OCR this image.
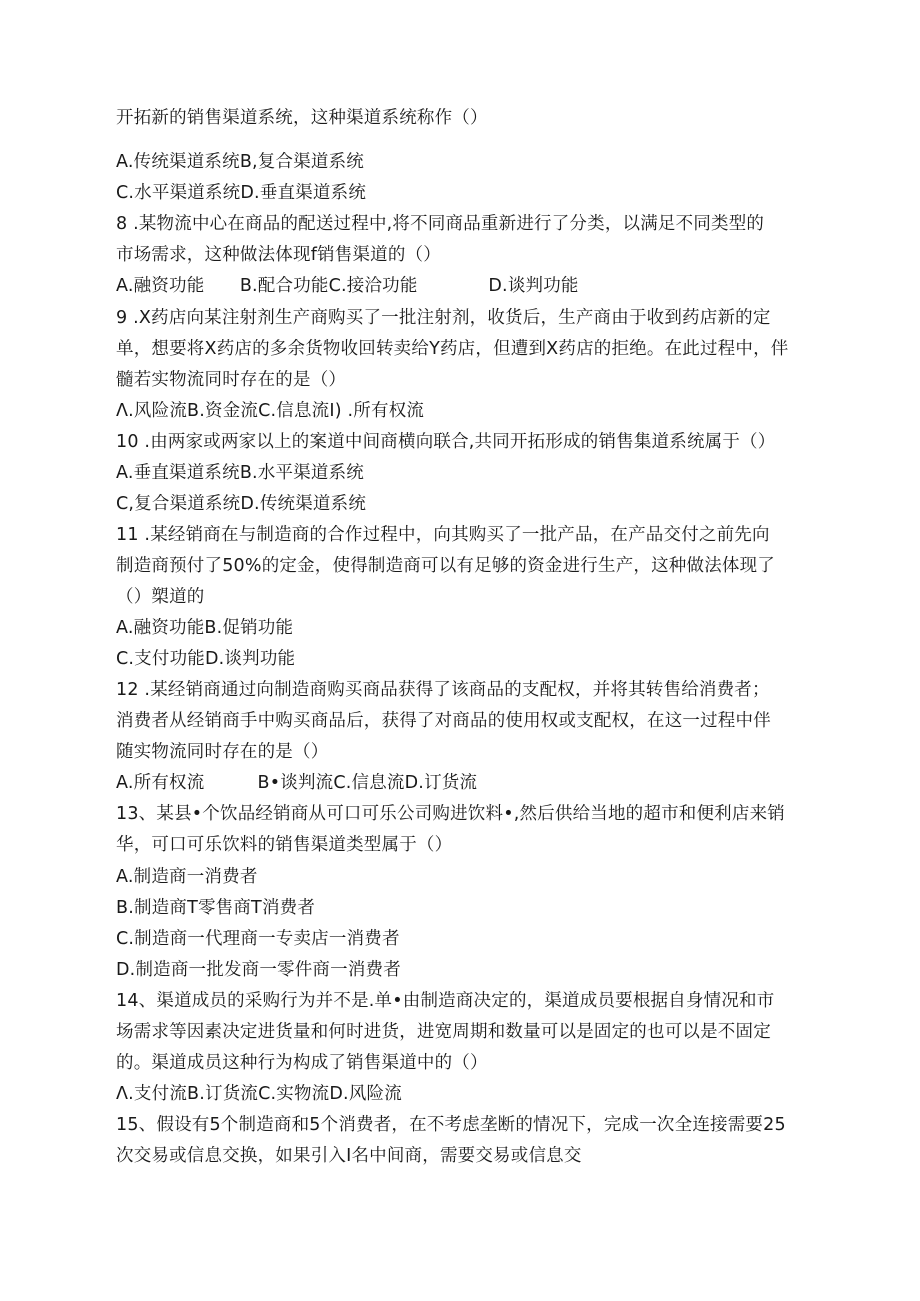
开拓新的销售渠道系统，这种渠道系统称作（）
A.传统渠道系统B,复合渠道系统
C.水平渠道系统D.垂直渠道系统
8 .某物流中心在商品的配送过程中,将不同商品重新进行了分类，以满足不同类型的
市场需求，这种做法体现f销售渠道的（）
A.融资功能　　B.配合功能C.接洽功能　　　　D.谈判功能
9 .X药店向某注射剂生产商购买了一批注射剂，收货后，生产商由于收到药店新的定
单，想要将X药店的多余货物收回转卖给Y药店，但遭到X药店的拒绝。在此过程中，伴
髓若实物流同时存在的是（）
Λ.风险流B.资金流C.信息流I) .所有权流
10 .由两家或两家以上的案道中间商横向联合,共同开拓形成的销售集道系统属于（）
A.垂直渠道系统B.水平渠道系统
C,复合渠道系统D.传统渠道系统
11 .某经销商在与制造商的合作过程中，向其购买了一批产品，在产品交付之前先向
制造商预付了50%的定金，使得制造商可以有足够的资金进行生产，这种做法体现了
（）槊道的
A.融资功能B.促销功能
C.支付功能D.谈判功能
12 .某经销商通过向制造商购买商品获得了该商品的支配权，并将其转售给消费者；
消费者从经销商手中购买商品后，获得了对商品的使用权或支配权，在这一过程中伴
随实物流同时存在的是（）
A.所有权流　　　B•谈判流C.信息流D.订货流
13、某县•个饮品经销商从可口可乐公司购进饮料•,然后供给当地的超市和便利店来销
华，可口可乐饮料的销售渠道类型属于（）
A.制造商一消费者
B.制造商T零售商T消费者
C.制造商一代理商一专卖店一消费者
D.制造商一批发商一零件商一消费者
14、渠道成员的采购行为并不是.单•由制造商决定的，渠道成员要根据自身情况和市
场需求等因素决定进货量和何时进货，进宽周期和数量可以是固定的也可以是不固定
的。渠道成员这种行为构成了销售渠道中的（）
Λ.支付流B.订货流C.实物流D.风险流
15、假设有5个制造商和5个消费者，在不考虑垄断的情况下，完成一次全连接需要25
次交易或信息交换，如果引入I名中间商，需要交易或信息交
